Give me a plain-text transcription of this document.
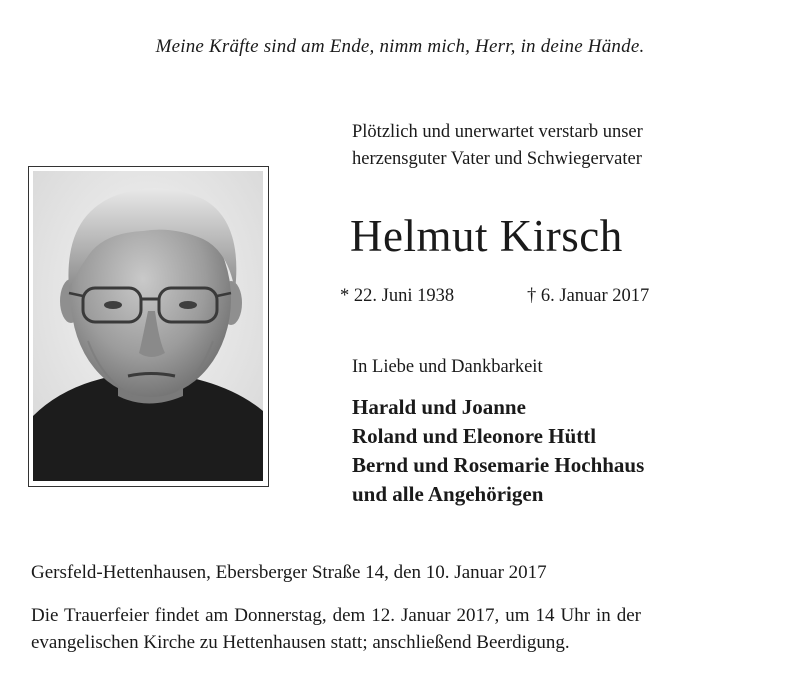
Meine Kräfte sind am Ende, nimm mich, Herr, in deine Hände.
Plötzlich und unerwartet verstarb unser
herzensguter Vater und Schwiegervater
Helmut Kirsch
* 22. Juni 1938	† 6. Januar 2017
In Liebe und Dankbarkeit
Harald und Joanne
Roland und Eleonore Hüttl
Bernd und Rosemarie Hochhaus
und alle Angehörigen
Gersfeld-Hettenhausen, Ebersberger Straße 14, den 10. Januar 2017
Die Trauerfeier findet am Donnerstag, dem 12. Januar 2017, um 14 Uhr in der
evangelischen Kirche zu Hettenhausen statt; anschließend Beerdigung.
